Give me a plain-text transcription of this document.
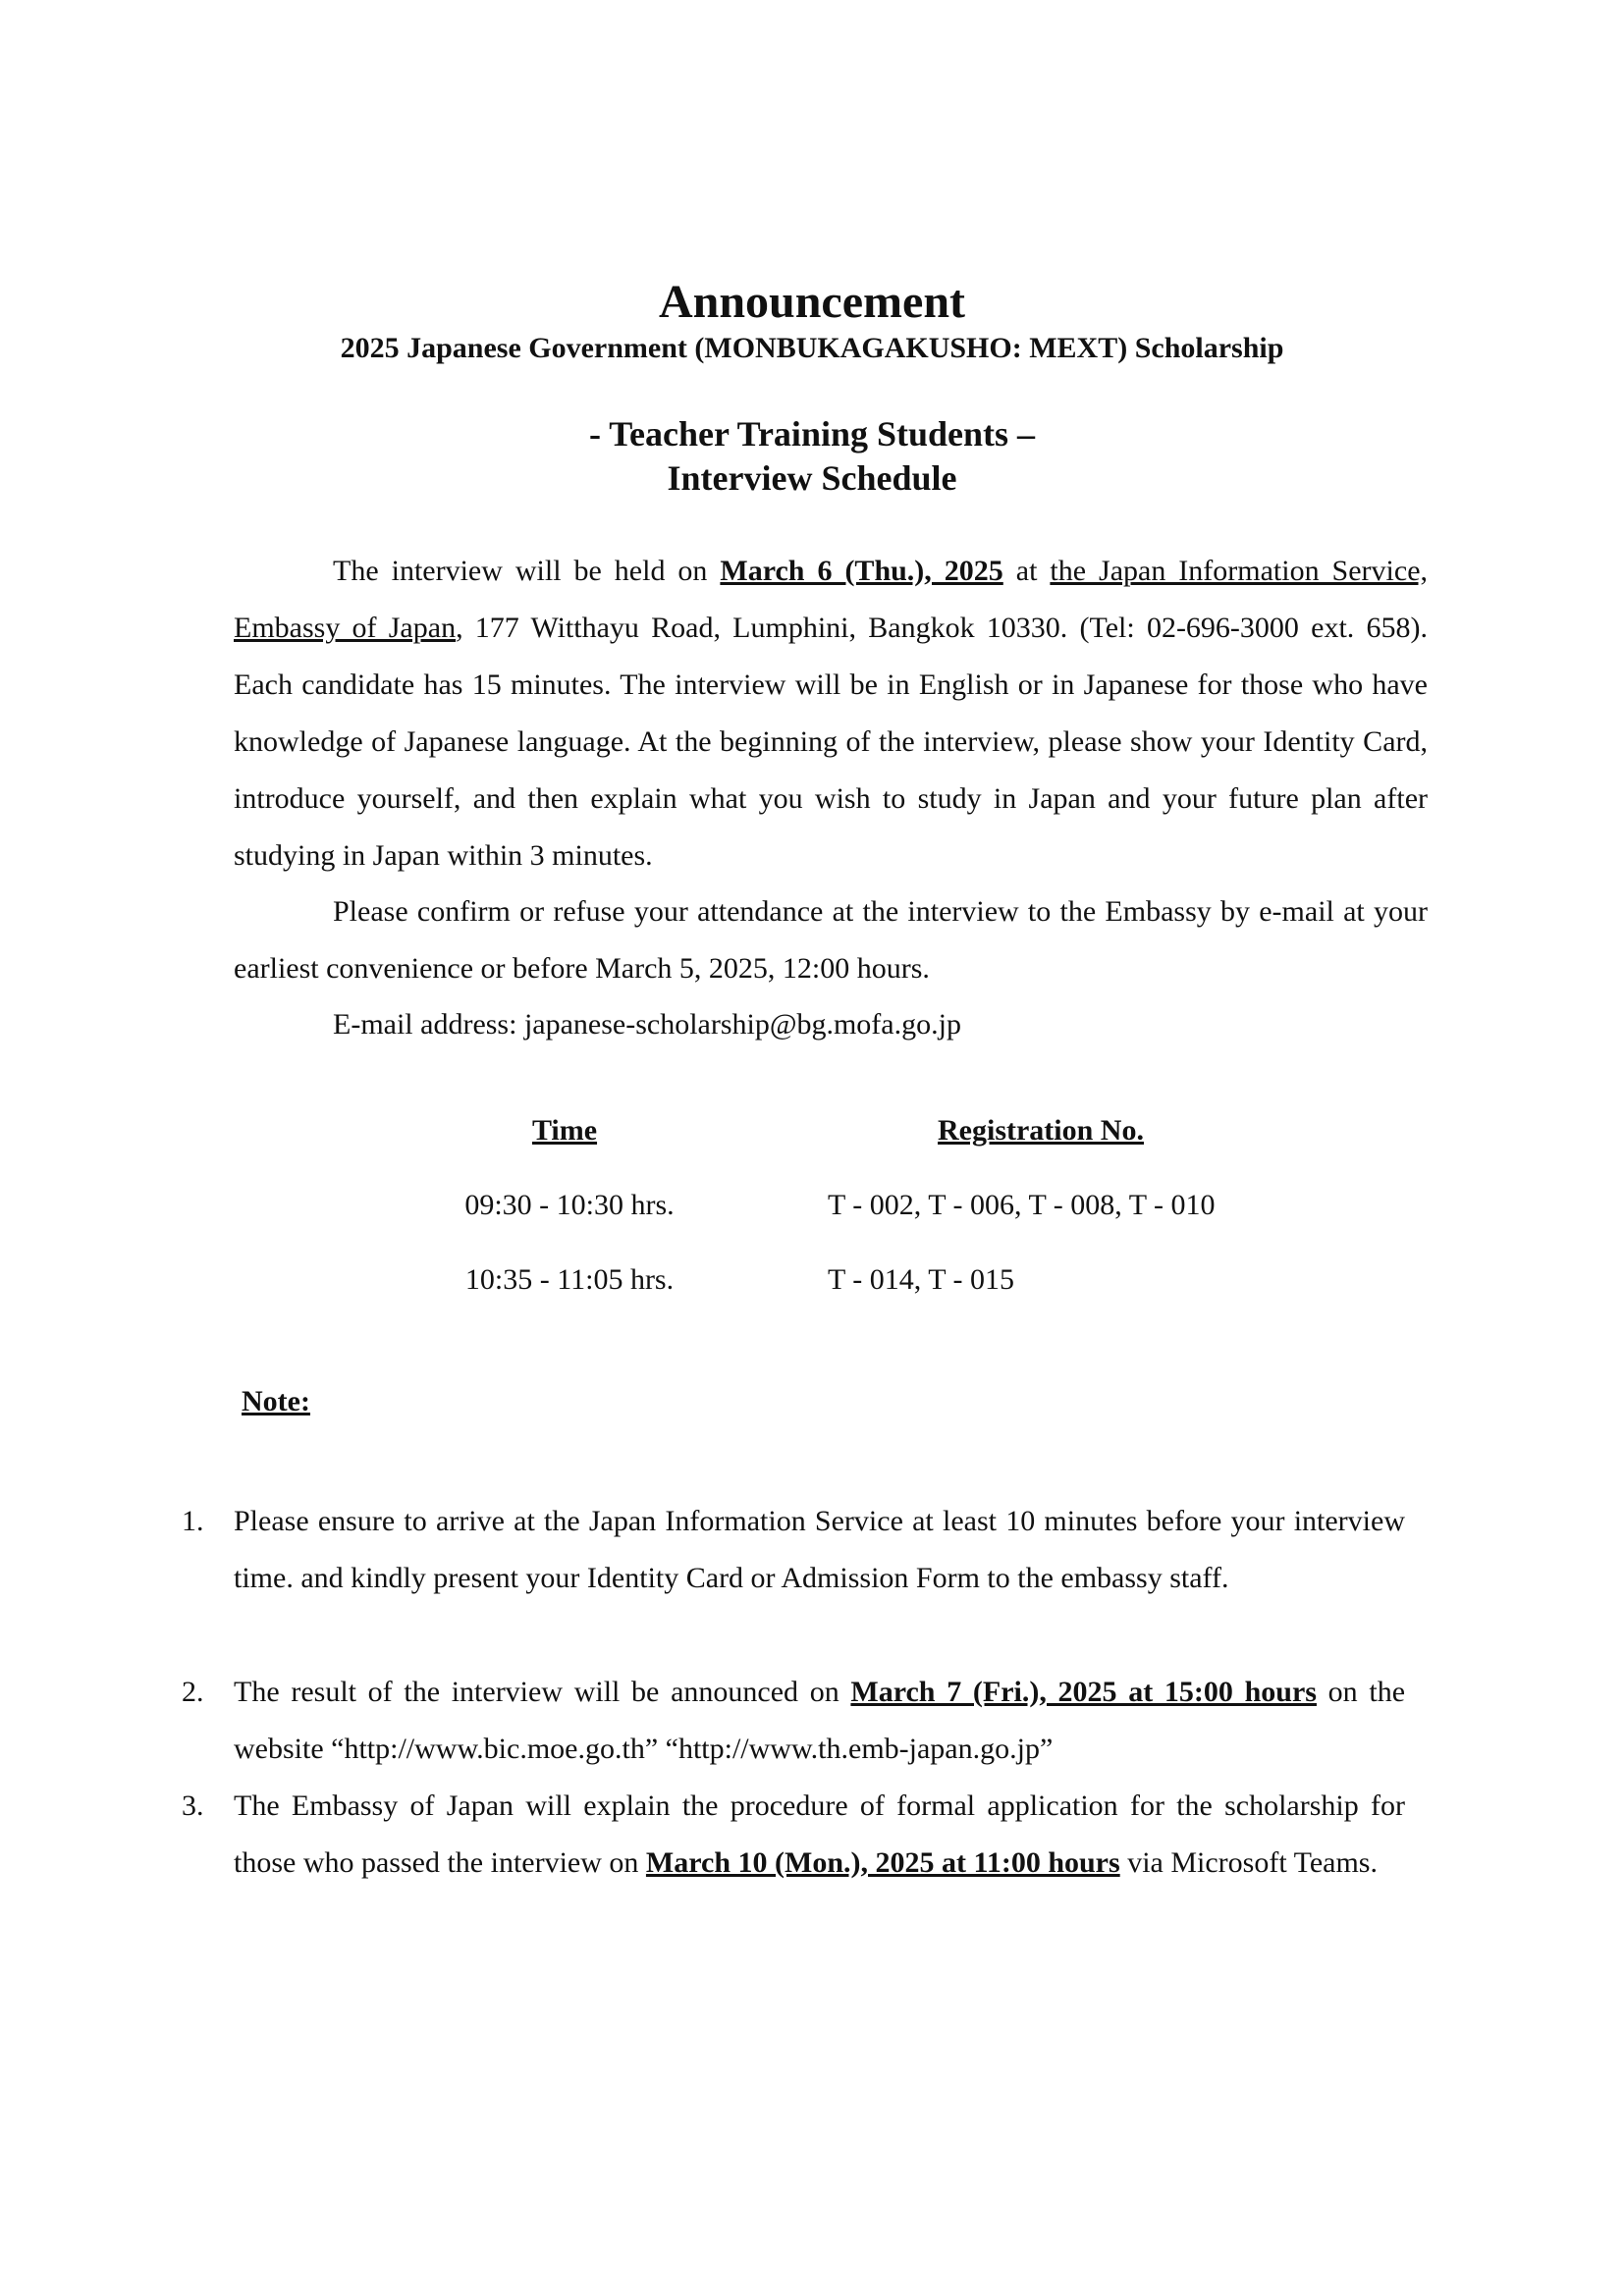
Announcement
2025 Japanese Government (MONBUKAGAKUSHO: MEXT) Scholarship
- Teacher Training Students –
Interview Schedule
The interview will be held on March 6 (Thu.), 2025 at the Japan Information Service, Embassy of Japan, 177 Witthayu Road, Lumphini, Bangkok 10330. (Tel: 02-696-3000 ext. 658). Each candidate has 15 minutes. The interview will be in English or in Japanese for those who have knowledge of Japanese language. At the beginning of the interview, please show your Identity Card, introduce yourself, and then explain what you wish to study in Japan and your future plan after studying in Japan within 3 minutes.
Please confirm or refuse your attendance at the interview to the Embassy by e-mail at your earliest convenience or before March 5, 2025, 12:00 hours.
E-mail address: japanese-scholarship@bg.mofa.go.jp
Time	Registration No.
09:30 - 10:30 hrs.	T - 002, T - 006, T - 008, T - 010
10:35 - 11:05 hrs.	T - 014, T - 015
Note:
1.	Please ensure to arrive at the Japan Information Service at least 10 minutes before your interview time. and kindly present your Identity Card or Admission Form to the embassy staff.
2.	The result of the interview will be announced on March 7 (Fri.), 2025 at 15:00 hours on the website “http://www.bic.moe.go.th” “http://www.th.emb-japan.go.jp”
3.	The Embassy of Japan will explain the procedure of formal application for the scholarship for those who passed the interview on March 10 (Mon.), 2025 at 11:00 hours via Microsoft Teams.
